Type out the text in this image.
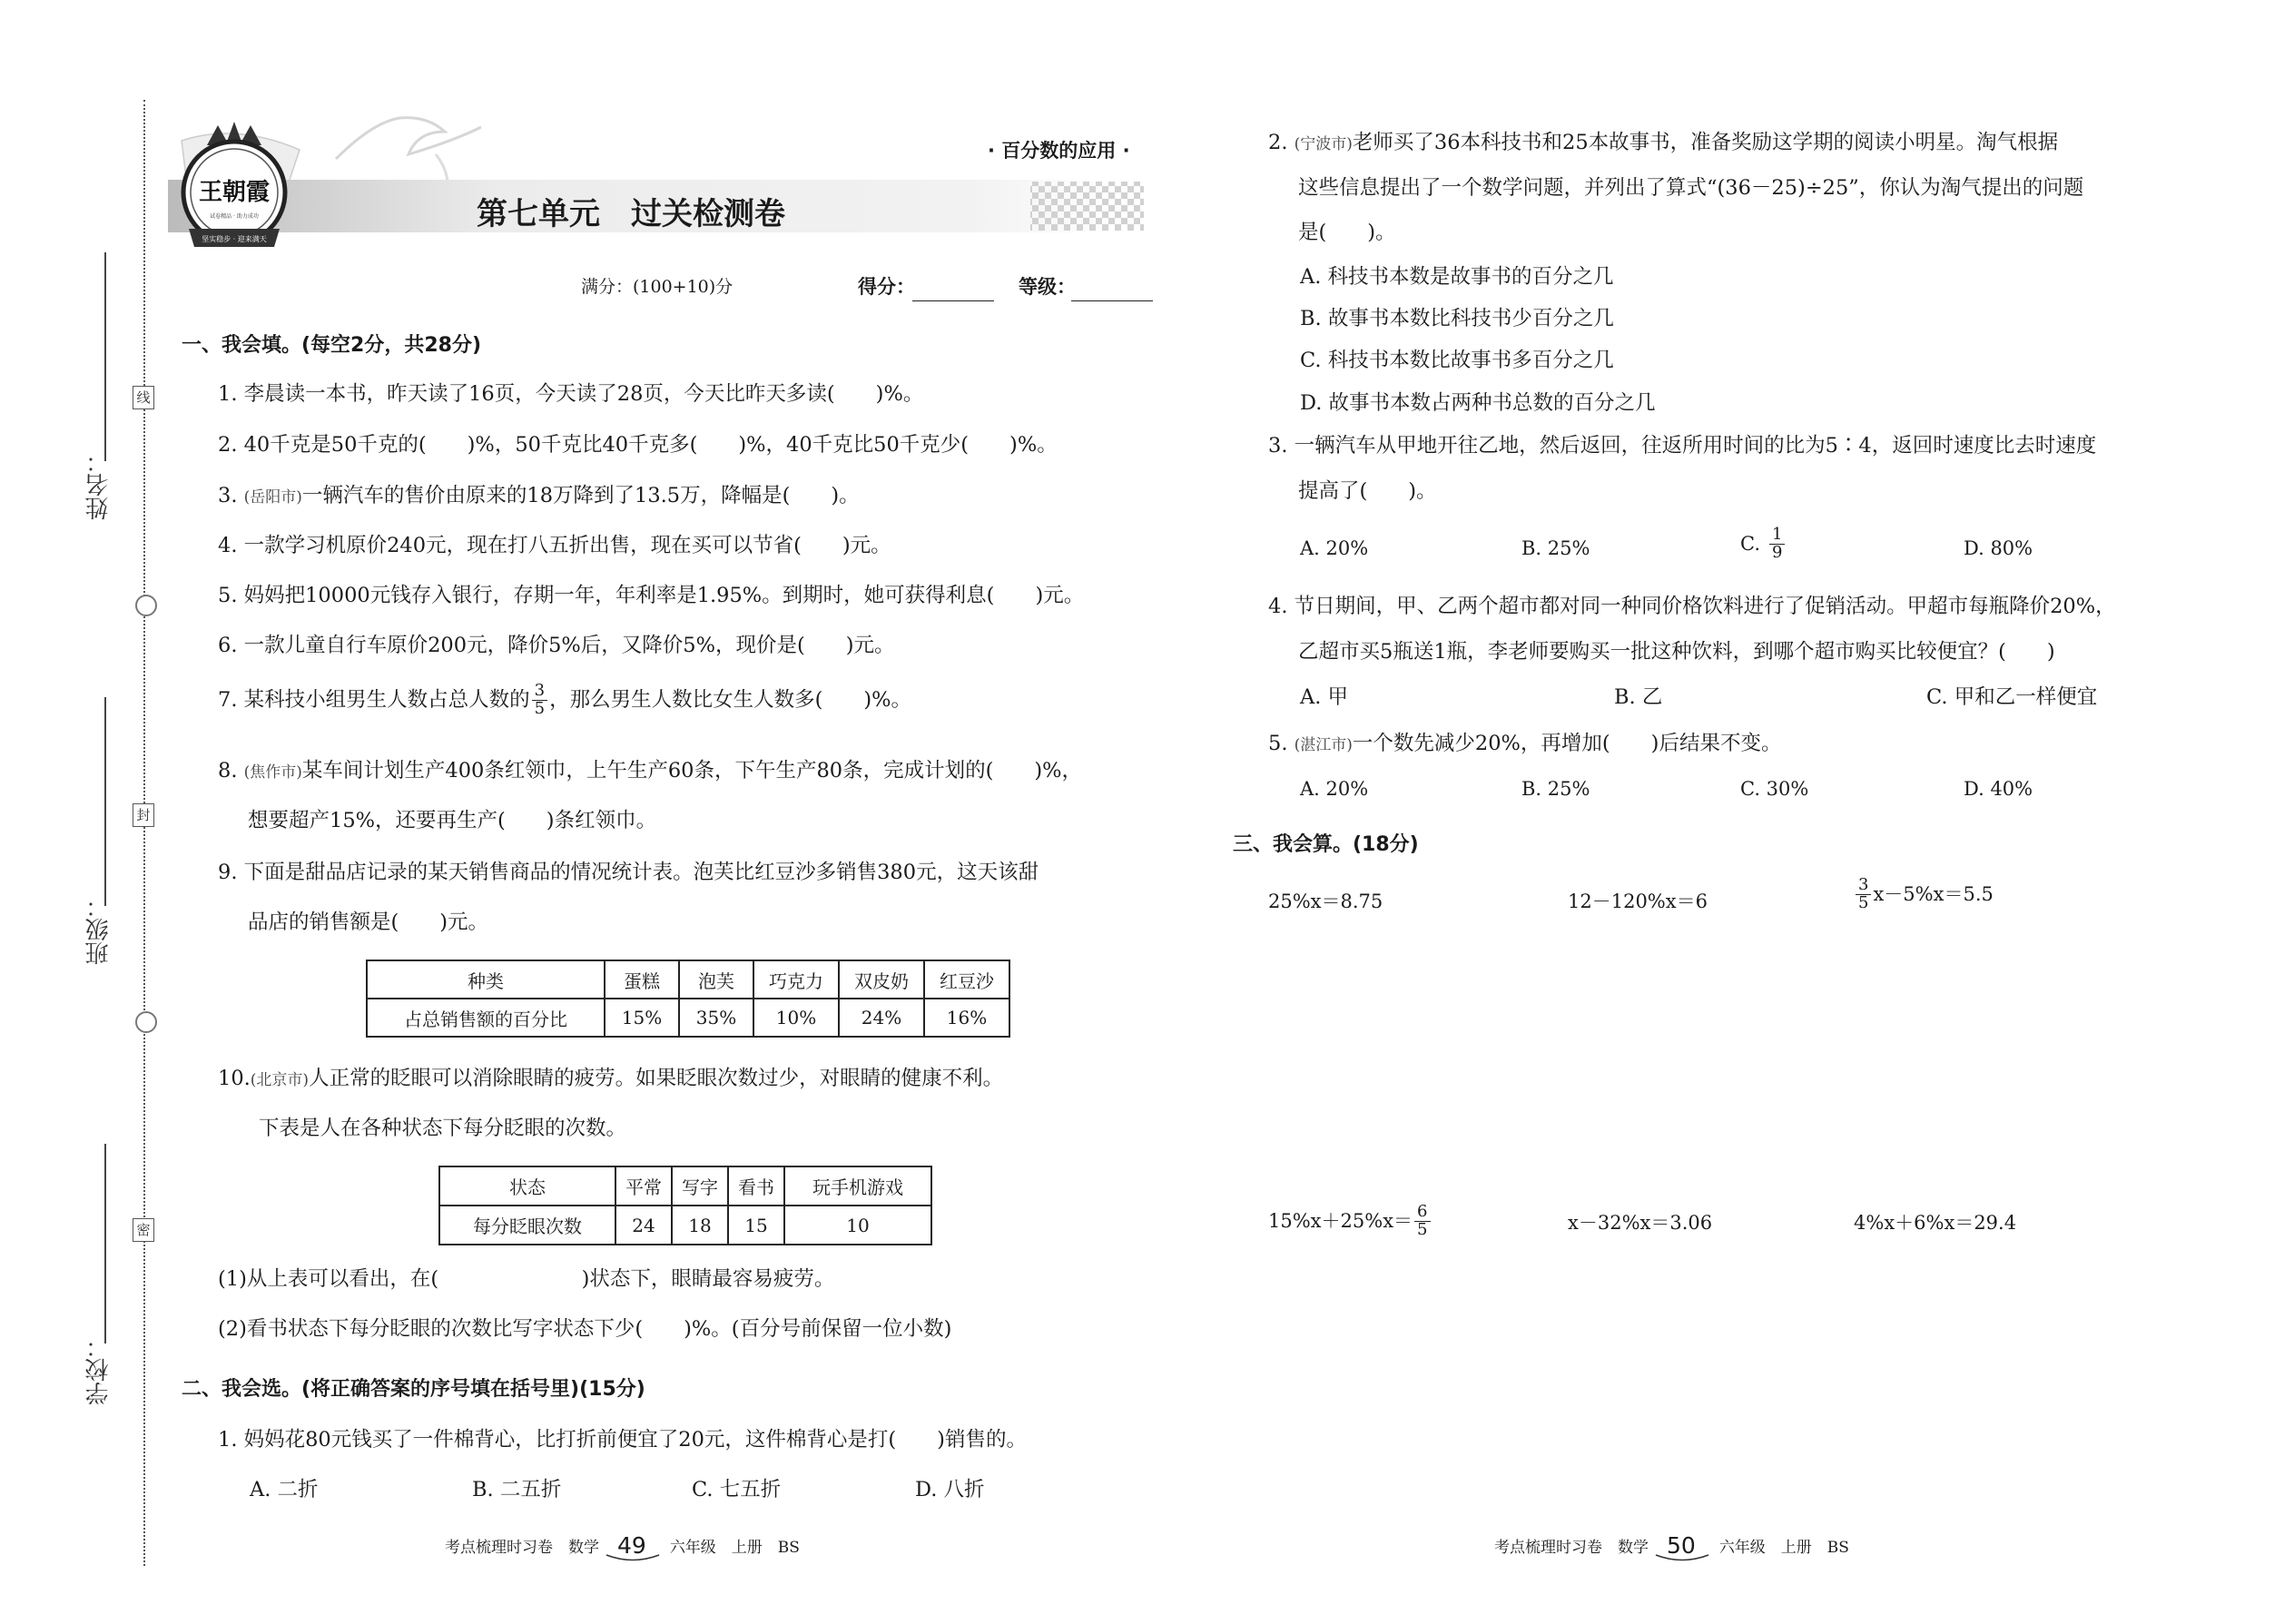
线
封
密
姓名：
班级：
学校：
王朝霞
试卷精品 · 助力成功
坚实稳步 · 迎来满天
· 百分数的应用 ·
第七单元　过关检测卷
满分：(100+10)分	得分：	等级：
一、我会填。(每空2分，共28分)
1. 李晨读一本书，昨天读了16页，今天读了28页，今天比昨天多读(　　)%。
2. 40千克是50千克的(　　)%，50千克比40千克多(　　)%，40千克比50千克少(　　)%。
3. (岳阳市)一辆汽车的售价由原来的18万降到了13.5万，降幅是(　　)。
4. 一款学习机原价240元，现在打八五折出售，现在买可以节省(　　)元。
5. 妈妈把10000元钱存入银行，存期一年，年利率是1.95%。到期时，她可获得利息(　　)元。
6. 一款儿童自行车原价200元，降价5%后，又降价5%，现价是(　　)元。
7. 某科技小组男生人数占总人数的 $\frac{3}{5}$ ，那么男生人数比女生人数多(　　)%。
8. (焦作市)某车间计划生产400条红领巾，上午生产60条，下午生产80条，完成计划的(　　)%，
想要超产15%，还要再生产(　　)条红领巾。
9. 下面是甜品店记录的某天销售商品的情况统计表。泡芙比红豆沙多销售380元，这天该甜
品店的销售额是(　　)元。
种类	蛋糕	泡芙	巧克力	双皮奶	红豆沙
占总销售额的百分比	15%	35%	10%	24%	16%
10.(北京市)人正常的眨眼可以消除眼睛的疲劳。如果眨眼次数过少，对眼睛的健康不利。
下表是人在各种状态下每分眨眼的次数。
状态	平常	写字	看书	玩手机游戏
每分眨眼次数	24	18	15	10
(1)从上表可以看出，在(　　　　　　　)状态下，眼睛最容易疲劳。
(2)看书状态下每分眨眼的次数比写字状态下少(　　)%。(百分号前保留一位小数)
二、我会选。(将正确答案的序号填在括号里)(15分)
1. 妈妈花80元钱买了一件棉背心，比打折前便宜了20元，这件棉背心是打(　　)销售的。
A. 二折	B. 二五折	C. 七五折	D. 八折
考点梳理时习卷　数学 49 六年级　上册　BS
2. (宁波市)老师买了36本科技书和25本故事书，准备奖励这学期的阅读小明星。淘气根据
这些信息提出了一个数学问题，并列出了算式“(36－25)÷25”，你认为淘气提出的问题
是(　　)。
A. 科技书本数是故事书的百分之几
B. 故事书本数比科技书少百分之几
C. 科技书本数比故事书多百分之几
D. 故事书本数占两种书总数的百分之几
3. 一辆汽车从甲地开往乙地，然后返回，往返所用时间的比为5∶4，返回时速度比去时速度
提高了(　　)。
A. 20%	B. 25%	C. $\frac{1}{9}$	D. 80%
4. 节日期间，甲、乙两个超市都对同一种同价格饮料进行了促销活动。甲超市每瓶降价20%，
乙超市买5瓶送1瓶，李老师要购买一批这种饮料，到哪个超市购买比较便宜？(　　)
A. 甲	B. 乙	C. 甲和乙一样便宜
5. (湛江市)一个数先减少20%，再增加(　　)后结果不变。
A. 20%	B. 25%	C. 30%	D. 40%
三、我会算。(18分)
25%x＝8.75	12－120%x＝6	$\frac{3}{5} x-5\%x=5.5$
$15\%x+25\%x= \frac{6}{5}$	x－32%x＝3.06	4%x＋6%x＝29.4
考点梳理时习卷　数学 50 六年级　上册　BS
